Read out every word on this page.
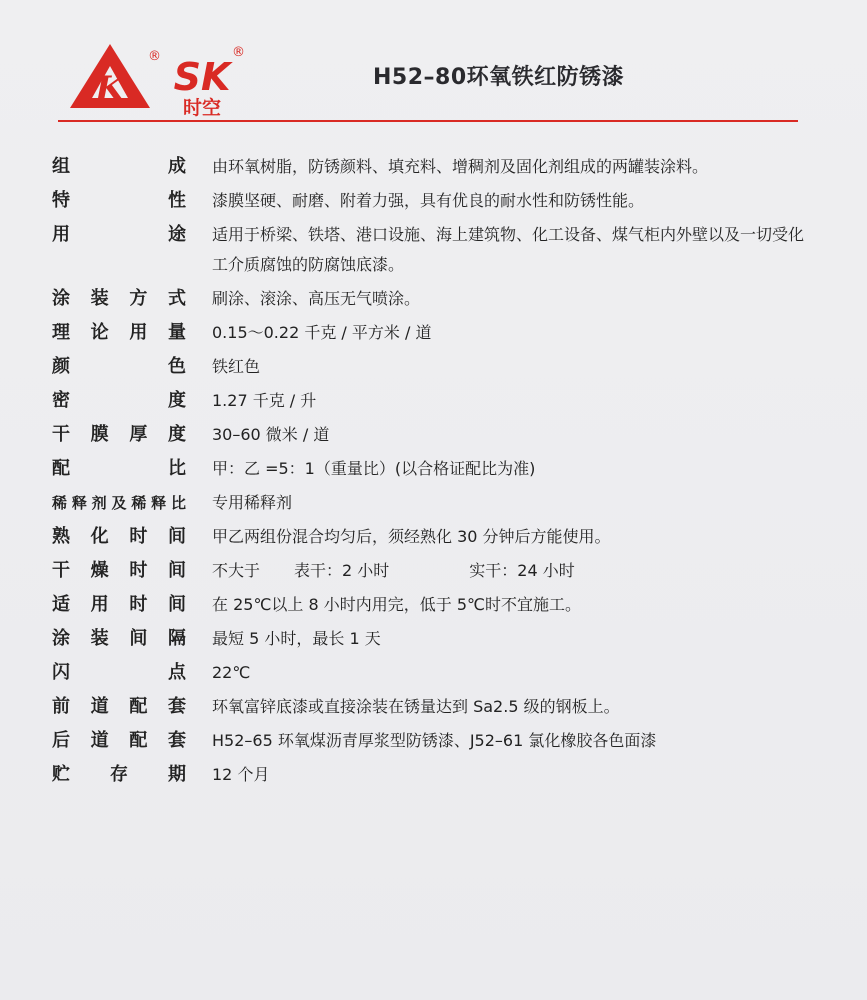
K
® SK
®
时空
H52–80环氧铁红防锈漆
组成 由环氧树脂，防锈颜料、填充料、增稠剂及固化剂组成的两罐装涂料。
特性 漆膜坚硬、耐磨、附着力强，具有优良的耐水性和防锈性能。
用途 适用于桥梁、铁塔、港口设施、海上建筑物、化工设备、煤气柜内外壁以及一切受化工介质腐蚀的防腐蚀底漆。
涂装方式 刷涂、滚涂、高压无气喷涂。
理论用量 0.15～0.22 千克 / 平方米 / 道
颜色 铁红色
密度 1.27 千克 / 升
干膜厚度 30–60 微米 / 道
配比 甲：乙 =5：1（重量比）(以合格证配比为准)
稀释剂及稀释比 专用稀释剂
熟化时间 甲乙两组份混合均匀后，须经熟化 30 分钟后方能使用。
干燥时间 不大于 表干：2 小时	实干：24 小时
适用时间 在 25℃以上 8 小时内用完，低于 5℃时不宜施工。
涂装间隔 最短 5 小时，最长 1 天
闪点 22℃
前道配套 环氧富锌底漆或直接涂装在锈量达到 Sa2.5 级的钢板上。
后道配套 H52–65 环氧煤沥青厚浆型防锈漆、J52–61 氯化橡胶各色面漆
贮存期 12 个月
